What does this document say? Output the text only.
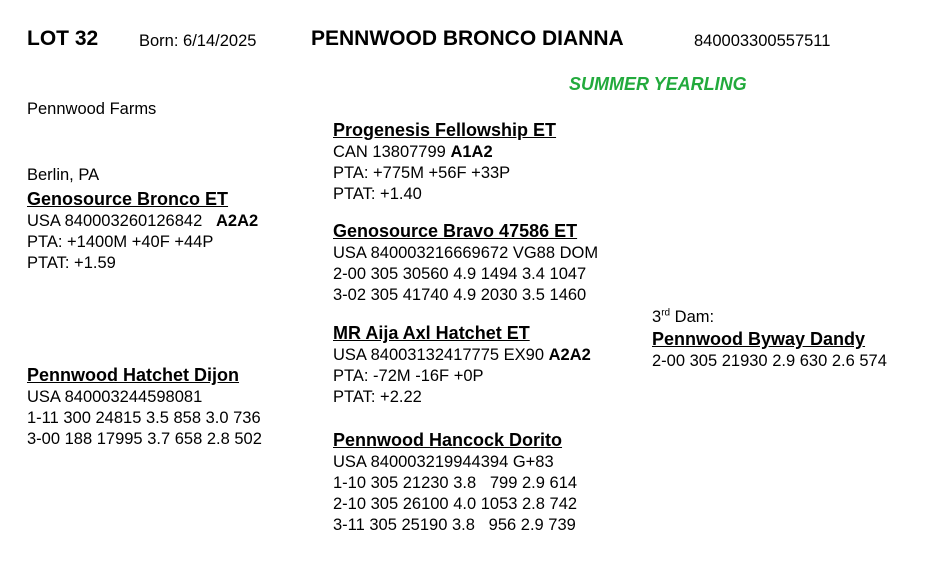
LOT 32 Born: 6/14/2025	PENNWOOD BRONCO DIANNA	840003300557511

Pennwood Farms

Berlin, PA

SUMMER YEARLING
Genosource Bronco ET
USA 840003260126842 A2A2
PTA: +1400M +40F +44P
PTAT: +1.59
Pennwood Hatchet Dijon
USA 840003244598081
1-11 300 24815 3.5 858 3.0 736
3-00 188 17995 3.7 658 2.8 502
Progenesis Fellowship ET
CAN 13807799 A1A2
PTA: +775M +56F +33P
PTAT: +1.40
Genosource Bravo 47586 ET
USA 840003216669672 VG88 DOM
2-00 305 30560 4.9 1494 3.4 1047
3-02 305 41740 4.9 2030 3.5 1460
MR Aija Axl Hatchet ET
USA 84003132417775 EX90 A2A2
PTA: -72M -16F +0P
PTAT: +2.22
Pennwood Hancock Dorito
USA 840003219944394 G+83
1-10 305 21230 3.8   799 2.9 614
2-10 305 26100 4.0 1053 2.8 742
3-11 305 25190 3.8   956 2.9 739
3rd Dam:
Pennwood Byway Dandy
2-00 305 21930 2.9 630 2.6 574
